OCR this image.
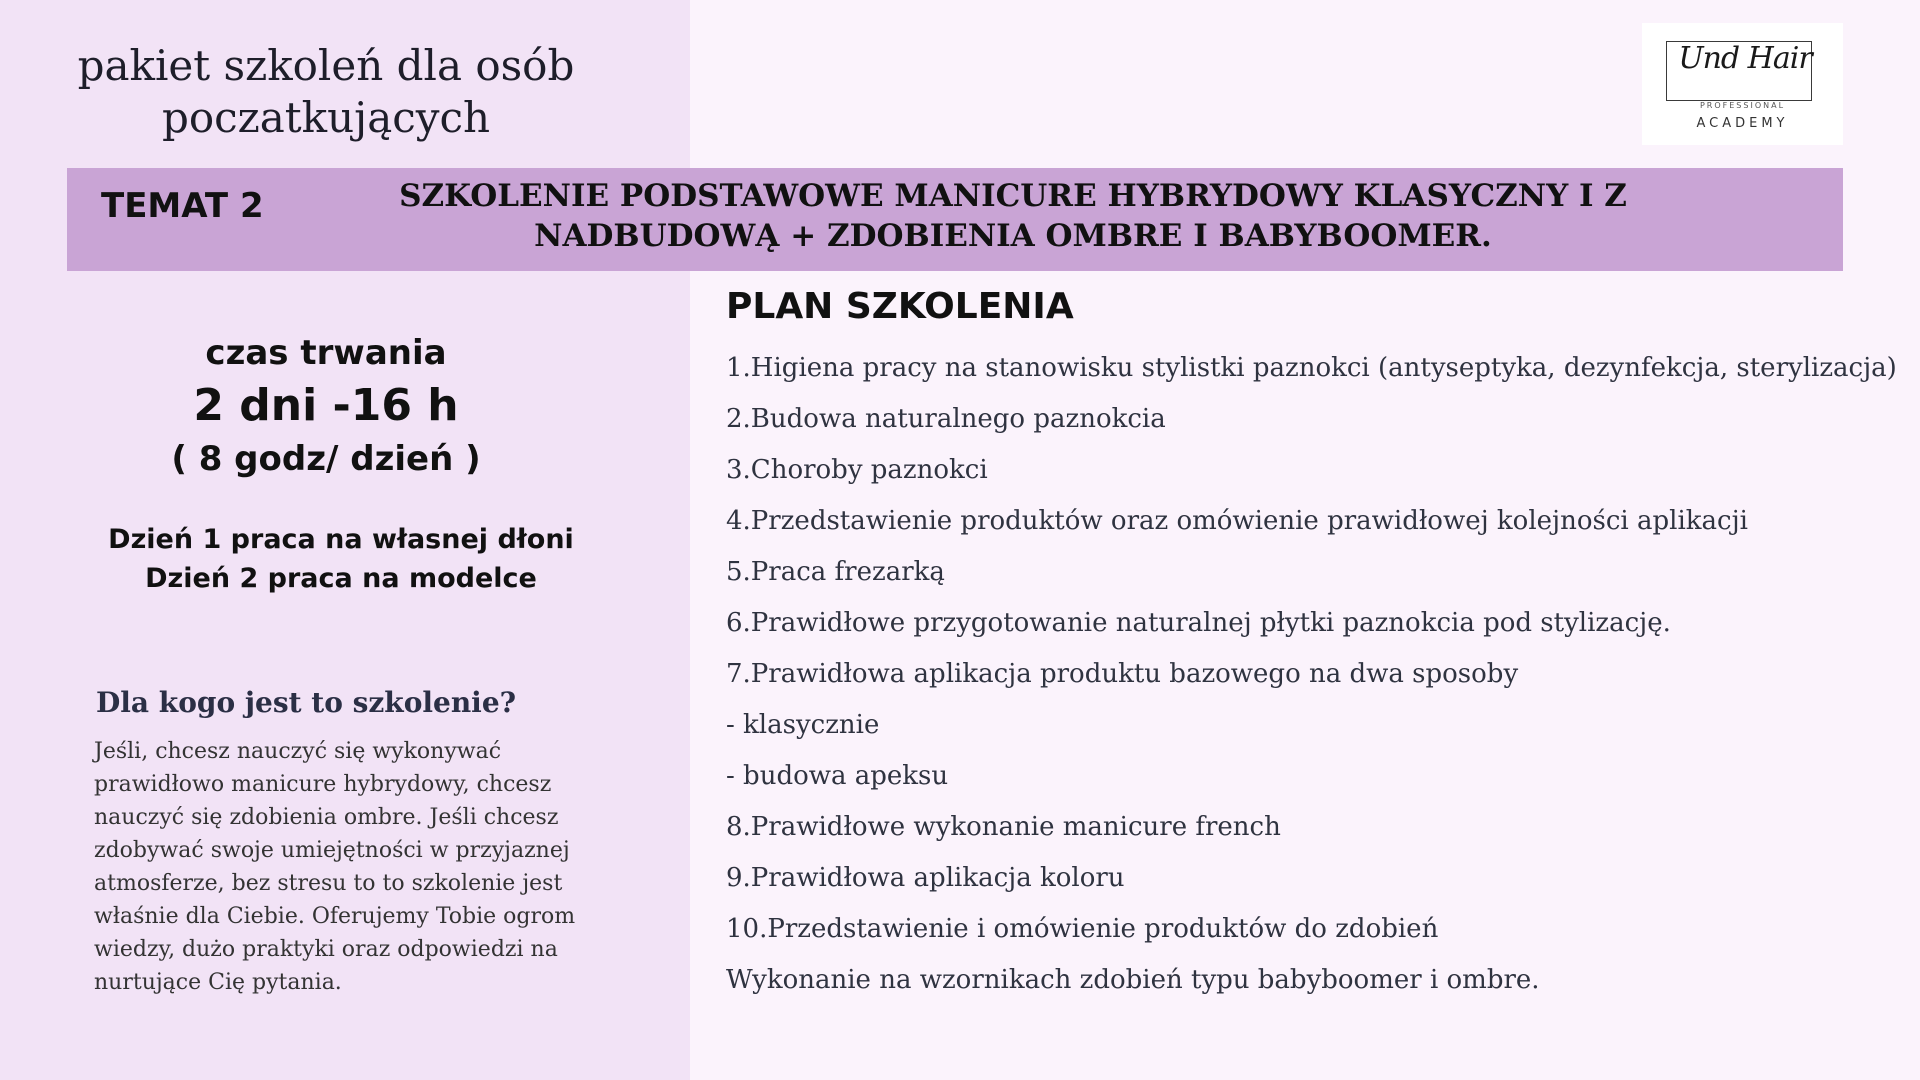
pakiet szkoleń dla osób
poczatkujących
Und Hair
PROFESSIONAL
ACADEMY
TEMAT 2	SZKOLENIE PODSTAWOWE MANICURE HYBRYDOWY KLASYCZNY I Z NADBUDOWĄ + ZDOBIENIA OMBRE I BABYBOOMER.
czas trwania
2 dni -16 h
( 8 godz/ dzień )
Dzień 1 praca na własnej dłoni
Dzień 2 praca na modelce
Dla kogo jest to szkolenie?
Jeśli, chcesz nauczyć się wykonywać prawidłowo manicure hybrydowy, chcesz nauczyć się zdobienia ombre. Jeśli chcesz zdobywać swoje umiejętności w przyjaznej atmosferze, bez stresu to to szkolenie jest właśnie dla Ciebie. Oferujemy Tobie ogrom wiedzy, dużo praktyki oraz odpowiedzi na nurtujące Cię pytania.
PLAN SZKOLENIA
1.Higiena pracy na stanowisku stylistki paznokci (antyseptyka, dezynfekcja, sterylizacja)
2.Budowa naturalnego paznokcia
3.Choroby paznokci
4.Przedstawienie produktów oraz omówienie prawidłowej kolejności aplikacji
5.Praca frezarką
6.Prawidłowe przygotowanie naturalnej płytki paznokcia pod stylizację.
7.Prawidłowa aplikacja produktu bazowego na dwa sposoby
- klasycznie
- budowa apeksu
8.Prawidłowe wykonanie manicure french
9.Prawidłowa aplikacja koloru
10.Przedstawienie i omówienie produktów do zdobień
Wykonanie na wzornikach zdobień typu babyboomer i ombre.
